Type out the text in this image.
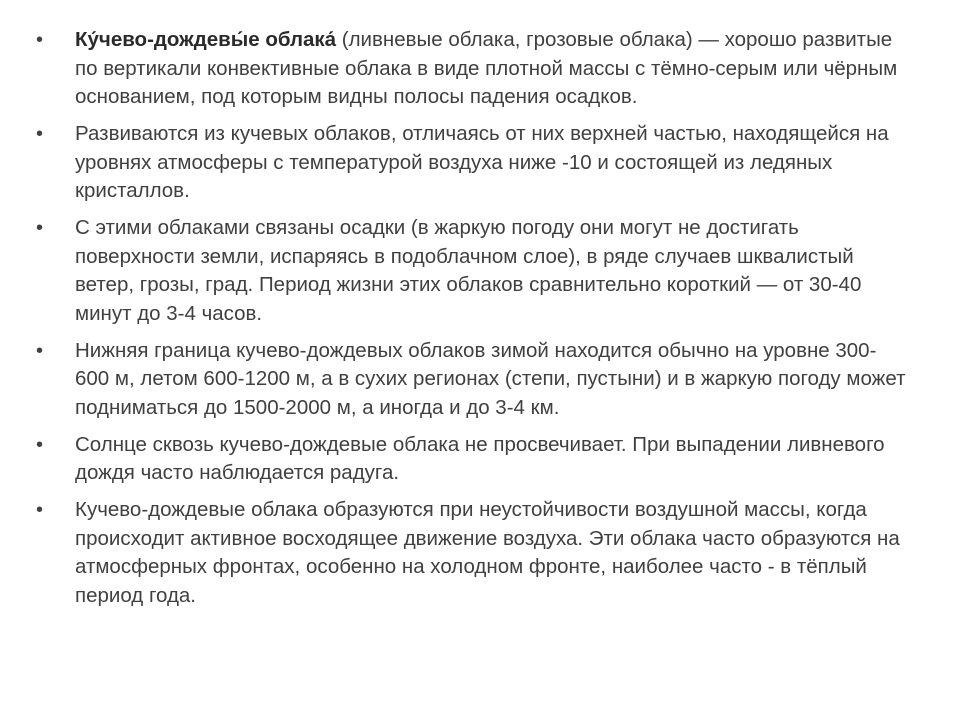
•	Ку́чево-дождевы́е облака́ (ливневые облака, грозовые облака) — хорошо развитые по вертикали конвективные облака в виде плотной массы с тёмно-серым или чёрным основанием, под которым видны полосы падения осадков.
•	Развиваются из кучевых облаков, отличаясь от них верхней частью, находящейся на уровнях атмосферы с температурой воздуха ниже -10 и состоящей из ледяных кристаллов.
•	С этими облаками связаны осадки (в жаркую погоду они могут не достигать поверхности земли, испаряясь в подоблачном слое), в ряде случаев шквалистый ветер, грозы, град. Период жизни этих облаков сравнительно короткий — от 30-40 минут до 3-4 часов.
•	Нижняя граница кучево-дождевых облаков зимой находится обычно на уровне 300-600 м, летом 600-1200 м, а в сухих регионах (степи, пустыни) и в жаркую погоду может подниматься до 1500-2000 м, а иногда и до 3-4 км.
•	Солнце сквозь кучево-дождевые облака не просвечивает. При выпадении ливневого дождя часто наблюдается радуга.
•	Кучево-дождевые облака образуются при неустойчивости воздушной массы, когда происходит активное восходящее движение воздуха. Эти облака часто образуются на атмосферных фронтах, особенно на холодном фронте, наиболее часто - в тёплый период года.
